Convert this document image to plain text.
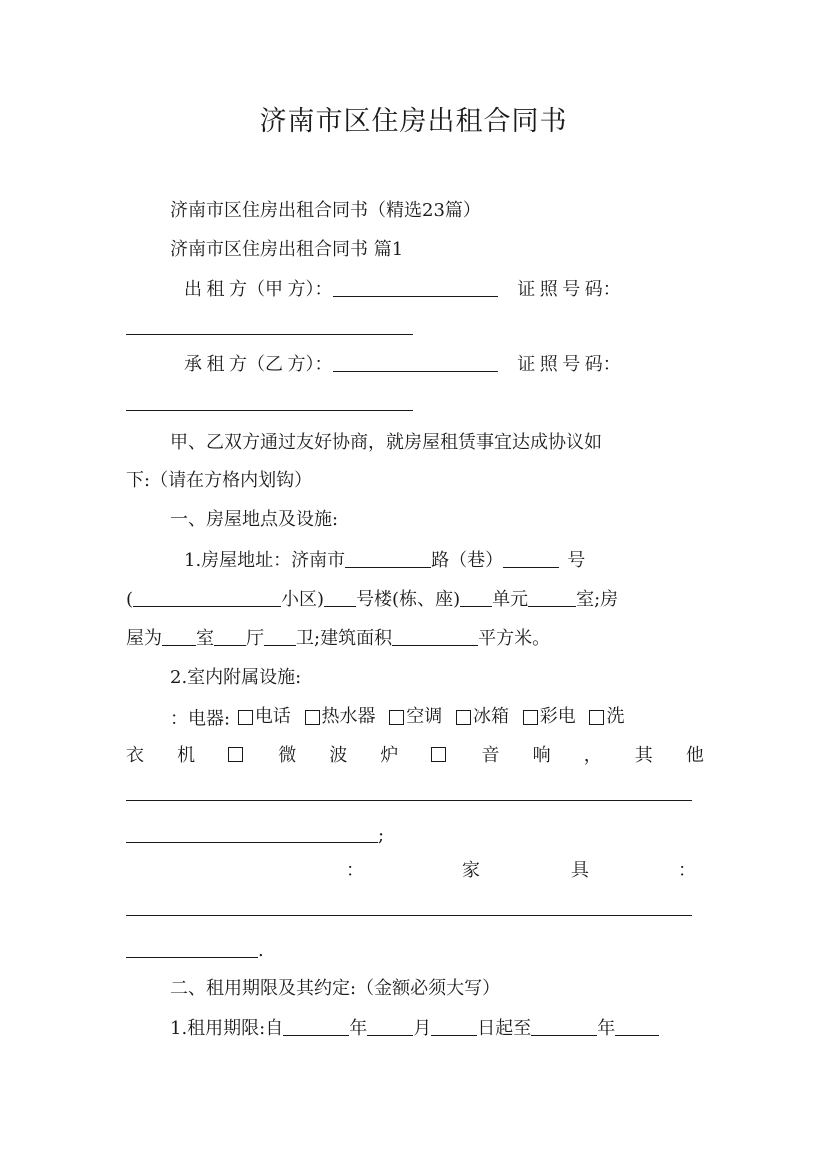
济南市区住房出租合同书
济南市区住房出租合同书（精选23篇）
济南市区住房出租合同书 篇1
出  租  方（甲  方）：	证  照  号  码：
承  租  方（乙  方）：	证  照  号  码：
甲、乙双方通过友好协商，就房屋租赁事宜达成协议如
下:（请在方格内划钩）
一、房屋地点及设施:
1.房屋地址：济南市	路（巷）	号
(	小区) 号楼(栋、座) 单元	室;房
屋为 室 厅 卫;建筑面积	平方米。
2.室内附属设施:
：电器: 电话
热水器
空调
冰箱
彩电
洗
衣 机	微 波 炉	音 响 ， 其 他
;
：	家	具	：
.
二、租用期限及其约定:（金额必须大写）
1.租用期限:自	年	月	日起至	年
